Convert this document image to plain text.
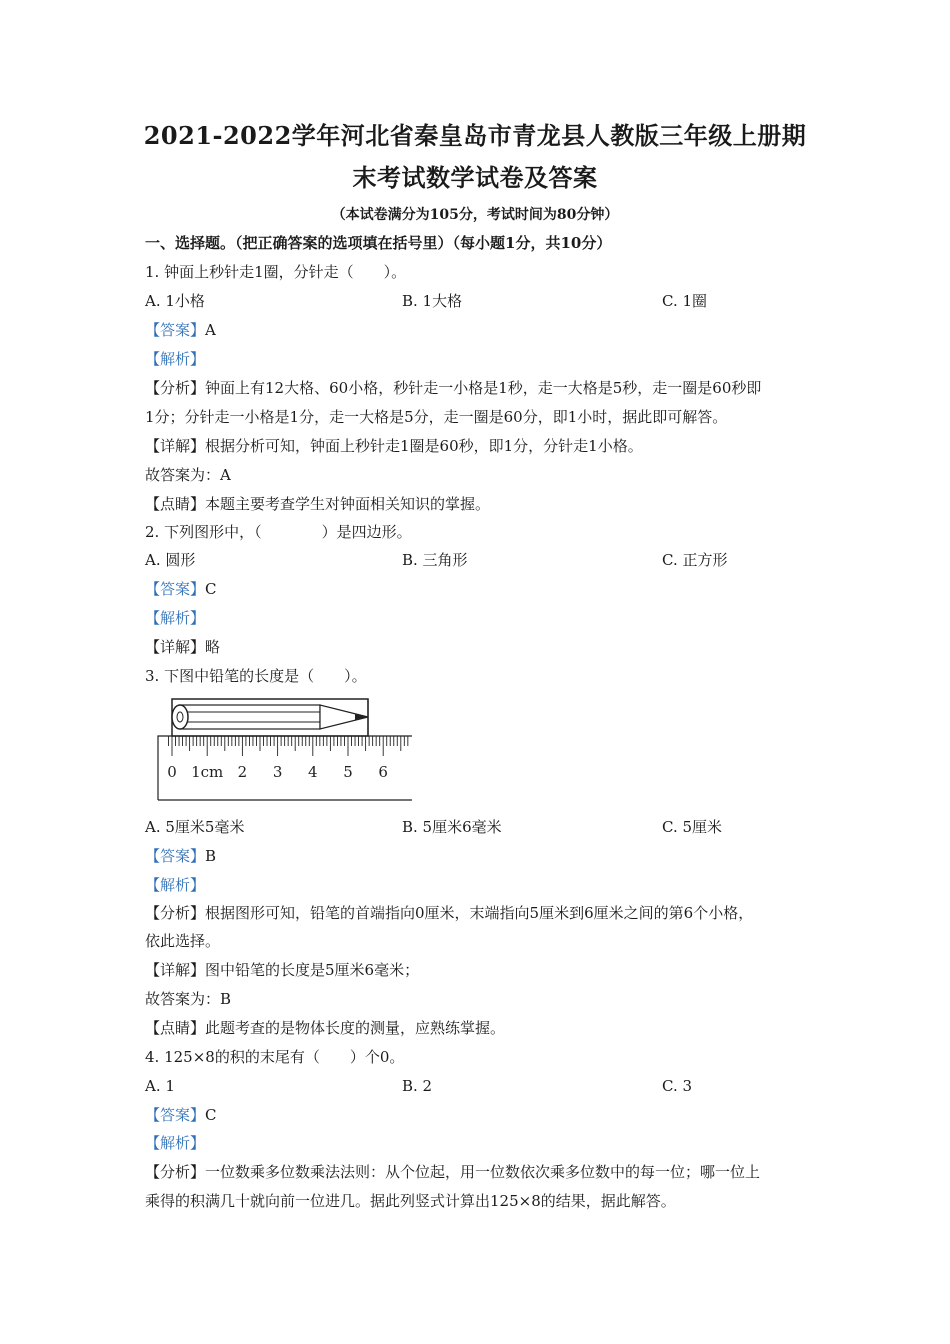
2021-2022学年河北省秦皇岛市青龙县人教版三年级上册期
末考试数学试卷及答案
（本试卷满分为105分，考试时间为80分钟）
一、选择题。（把正确答案的选项填在括号里）（每小题1分，共10分）
1. 钟面上秒针走1圈，分针走（　　）。
A. 1小格	B. 1大格	C. 1圈
【答案】A
【解析】
【分析】钟面上有12大格、60小格，秒针走一小格是1秒，走一大格是5秒，走一圈是60秒即
1分；分针走一小格是1分，走一大格是5分，走一圈是60分，即1小时，据此即可解答。
【详解】根据分析可知，钟面上秒针走1圈是60秒，即1分，分针走1小格。
故答案为：A
【点睛】本题主要考查学生对钟面相关知识的掌握。
2. 下列图形中，（　　　　）是四边形。
A. 圆形	B. 三角形	C. 正方形
【答案】C
【解析】
【详解】略
3. 下图中铅笔的长度是（　　）。
0 1cm 2 3 4 5 6
A. 5厘米5毫米	B. 5厘米6毫米	C. 5厘米
【答案】B
【解析】
【分析】根据图形可知，铅笔的首端指向0厘米，末端指向5厘米到6厘米之间的第6个小格，
依此选择。
【详解】图中铅笔的长度是5厘米6毫米；
故答案为：B
【点睛】此题考查的是物体长度的测量，应熟练掌握。
4. 125×8的积的末尾有（　　）个0。
A. 1	B. 2	C. 3
【答案】C
【解析】
【分析】一位数乘多位数乘法法则：从个位起，用一位数依次乘多位数中的每一位；哪一位上
乘得的积满几十就向前一位进几。据此列竖式计算出125×8的结果，据此解答。
